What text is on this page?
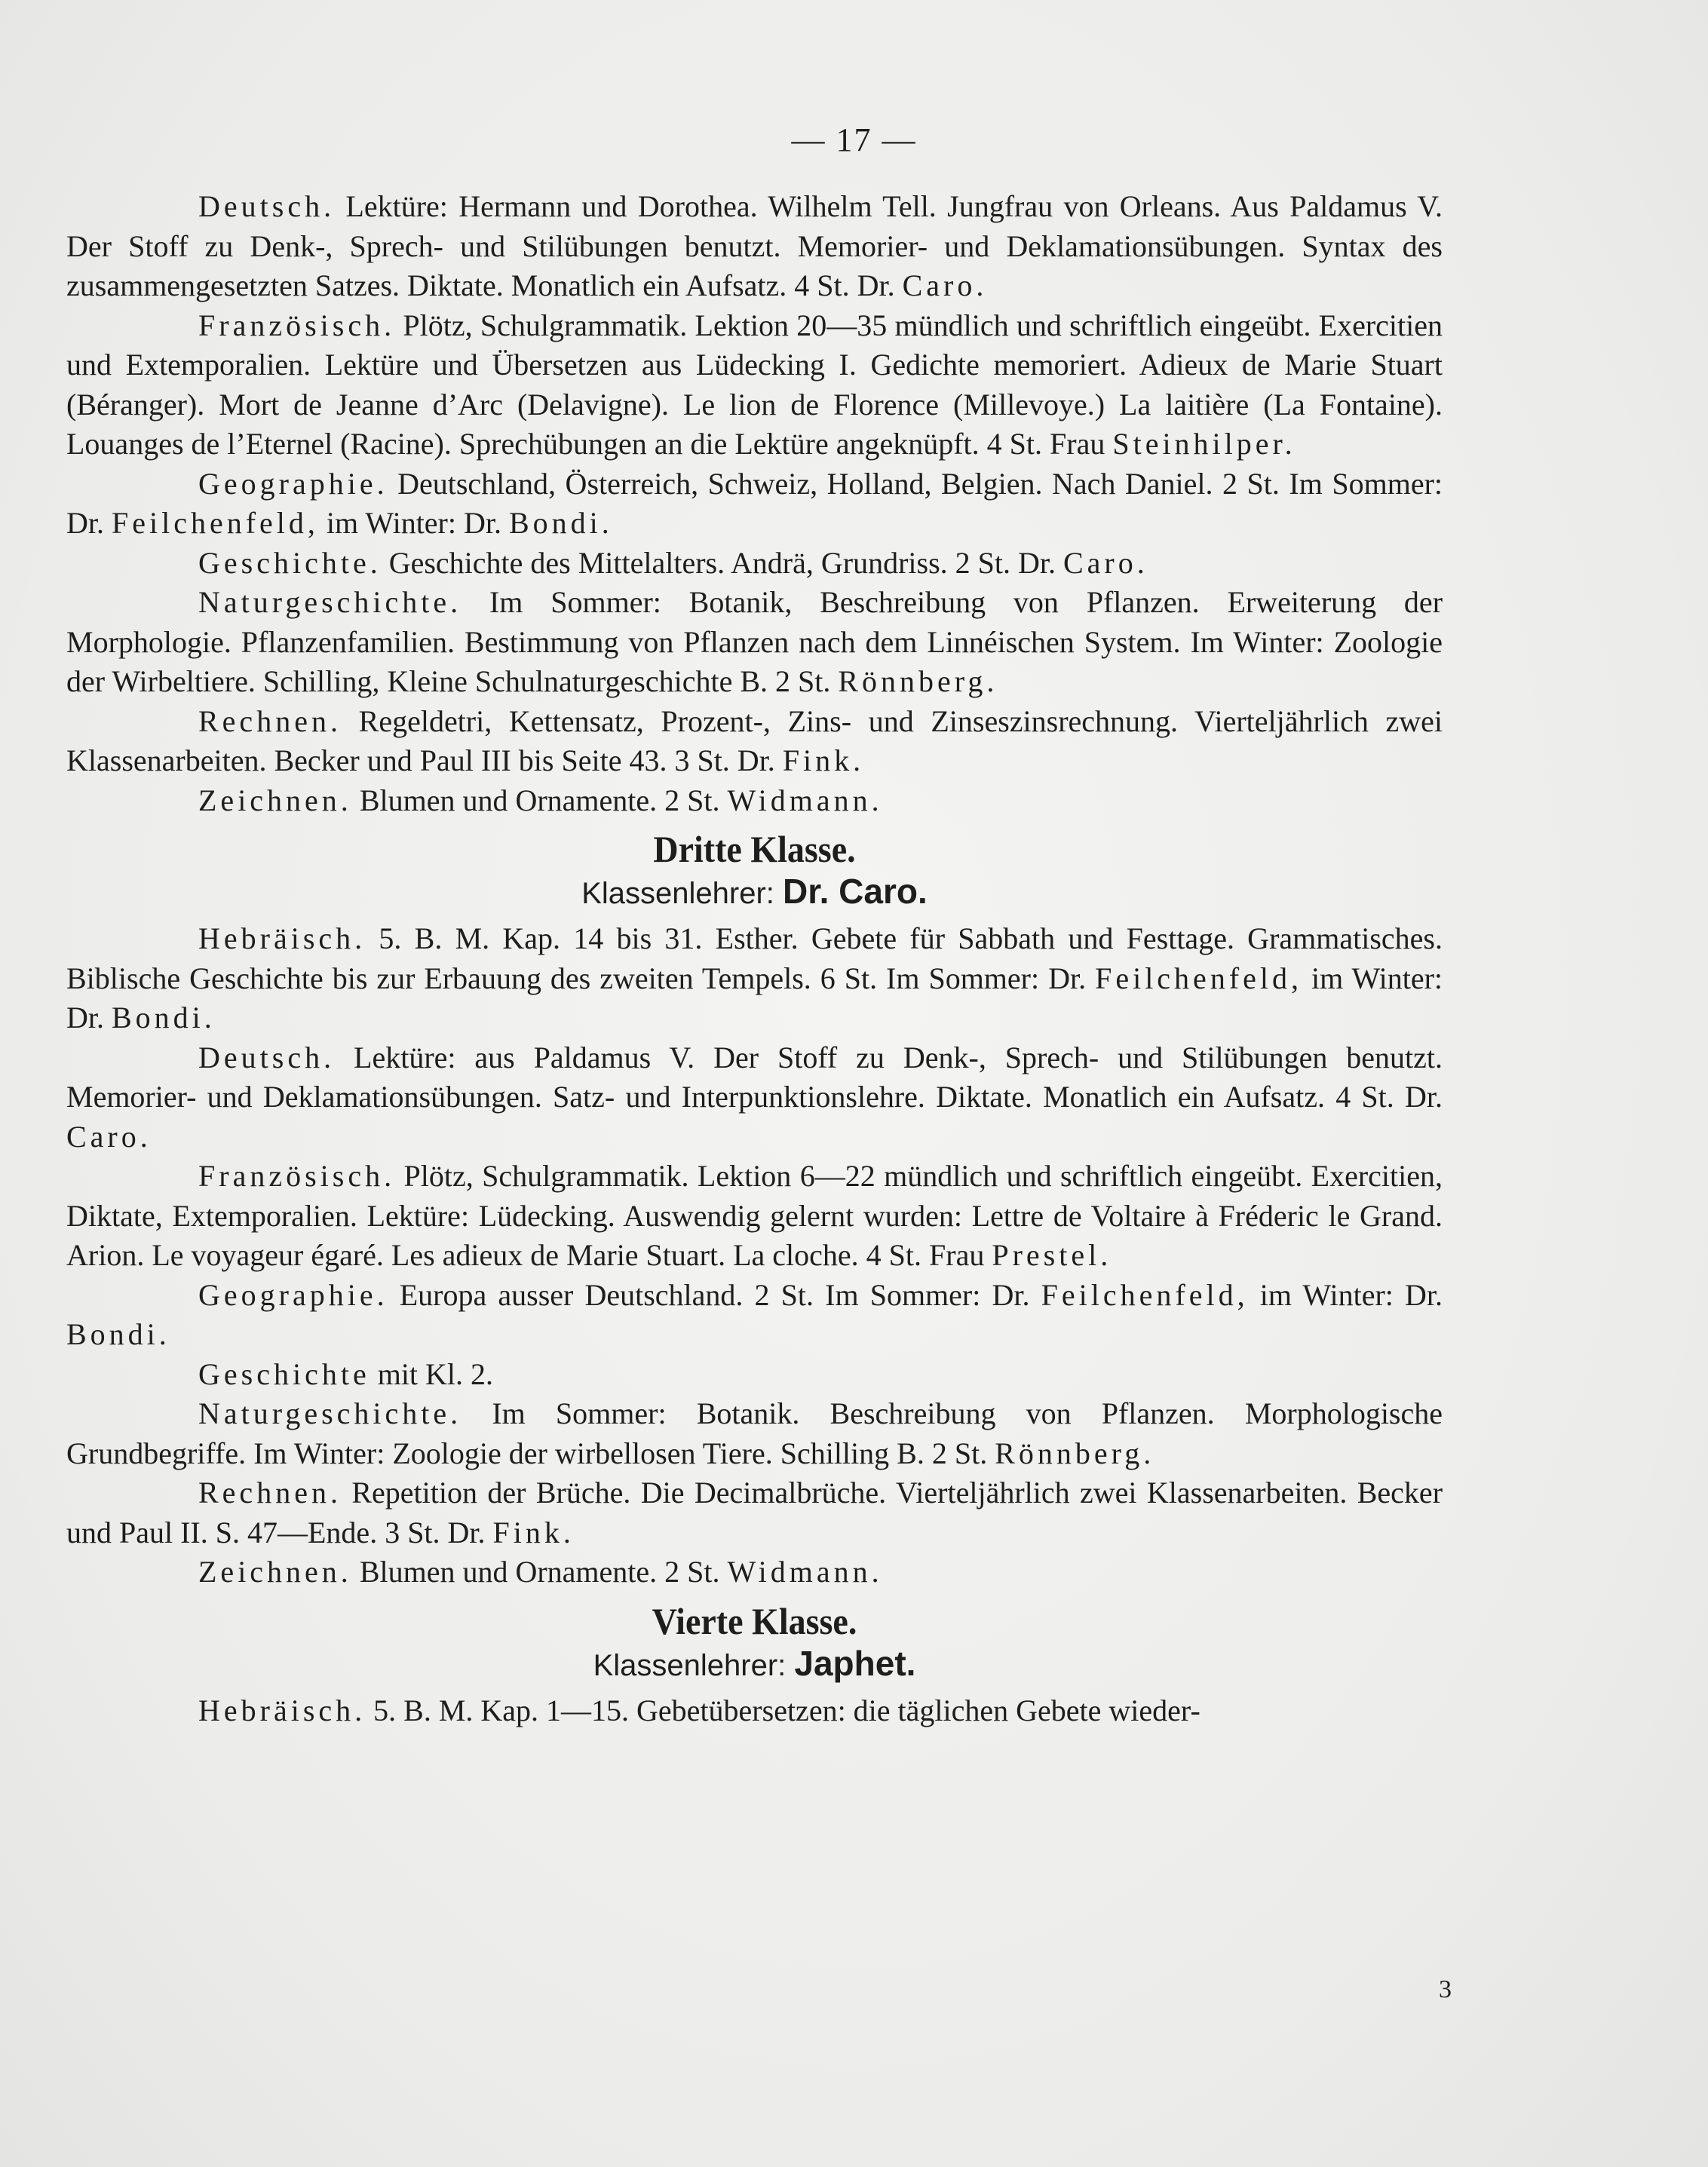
— 17 —

Deutsch. Lektüre: Hermann und Dorothea. Wilhelm Tell. Jungfrau von Orleans. Aus Paldamus V. Der Stoff zu Denk-, Sprech- und Stilübungen benutzt. Memorier- und Deklamationsübungen. Syntax des zusammengesetzten Satzes. Diktate. Monatlich ein Aufsatz. 4 St. Dr. Caro.

Französisch. Plötz, Schulgrammatik. Lektion 20—35 mündlich und schriftlich eingeübt. Exercitien und Extemporalien. Lektüre und Übersetzen aus Lüdecking I. Gedichte memoriert. Adieux de Marie Stuart (Béranger). Mort de Jeanne d’Arc (Delavigne). Le lion de Florence (Millevoye.) La laitière (La Fontaine). Louanges de l’Eternel (Racine). Sprechübungen an die Lektüre angeknüpft. 4 St. Frau Steinhilper.

Geographie. Deutschland, Österreich, Schweiz, Holland, Belgien. Nach Daniel. 2 St. Im Sommer: Dr. Feilchenfeld, im Winter: Dr. Bondi.

Geschichte. Geschichte des Mittelalters. Andrä, Grundriss. 2 St. Dr. Caro.

Naturgeschichte. Im Sommer: Botanik, Beschreibung von Pflanzen. Erweiterung der Morphologie. Pflanzenfamilien. Bestimmung von Pflanzen nach dem Linnéischen System. Im Winter: Zoologie der Wirbeltiere. Schilling, Kleine Schulnaturgeschichte B. 2 St. Rönnberg.

Rechnen. Regeldetri, Kettensatz, Prozent-, Zins- und Zinseszinsrechnung. Vierteljährlich zwei Klassenarbeiten. Becker und Paul III bis Seite 43. 3 St. Dr. Fink.

Zeichnen. Blumen und Ornamente. 2 St. Widmann.

Dritte Klasse.
Klassenlehrer: Dr. Caro.

Hebräisch. 5. B. M. Kap. 14 bis 31. Esther. Gebete für Sabbath und Festtage. Grammatisches. Biblische Geschichte bis zur Erbauung des zweiten Tempels. 6 St. Im Sommer: Dr. Feilchenfeld, im Winter: Dr. Bondi.

Deutsch. Lektüre: aus Paldamus V. Der Stoff zu Denk-, Sprech- und Stilübungen benutzt. Memorier- und Deklamationsübungen. Satz- und Interpunktionslehre. Diktate. Monatlich ein Aufsatz. 4 St. Dr. Caro.

Französisch. Plötz, Schulgrammatik. Lektion 6—22 mündlich und schriftlich eingeübt. Exercitien, Diktate, Extemporalien. Lektüre: Lüdecking. Auswendig gelernt wurden: Lettre de Voltaire à Fréderic le Grand. Arion. Le voyageur égaré. Les adieux de Marie Stuart. La cloche. 4 St. Frau Prestel.

Geographie. Europa ausser Deutschland. 2 St. Im Sommer: Dr. Feilchenfeld, im Winter: Dr. Bondi.

Geschichte mit Kl. 2.

Naturgeschichte. Im Sommer: Botanik. Beschreibung von Pflanzen. Morphologische Grundbegriffe. Im Winter: Zoologie der wirbellosen Tiere. Schilling B. 2 St. Rönnberg.

Rechnen. Repetition der Brüche. Die Decimalbrüche. Vierteljährlich zwei Klassenarbeiten. Becker und Paul II. S. 47—Ende. 3 St. Dr. Fink.

Zeichnen. Blumen und Ornamente. 2 St. Widmann.

Vierte Klasse.
Klassenlehrer: Japhet.

Hebräisch. 5. B. M. Kap. 1—15. Gebetübersetzen: die täglichen Gebete wieder-

3
